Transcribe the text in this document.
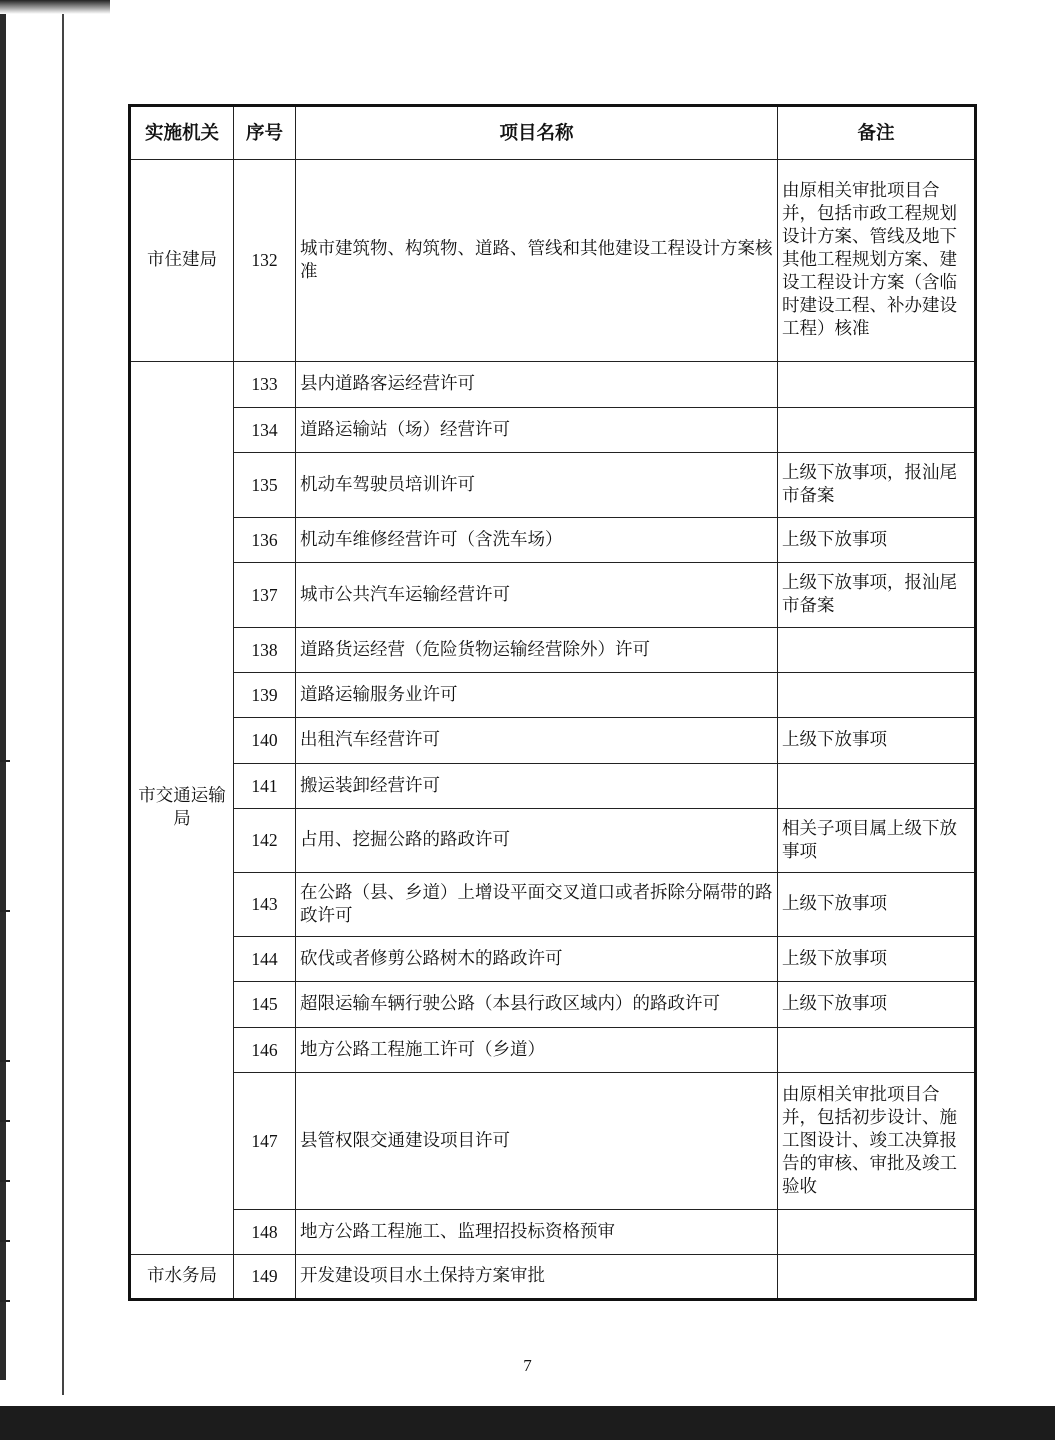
实施机关	序号	项目名称	备注
市住建局	132	城市建筑物、构筑物、道路、管线和其他建设工程设计方案核准	由原相关审批项目合并，包括市政工程规划设计方案、管线及地下其他工程规划方案、建设工程设计方案（含临时建设工程、补办建设工程）核准
市交通运输局	133	县内道路客运经营许可	
	134	道路运输站（场）经营许可	
	135	机动车驾驶员培训许可	上级下放事项，报汕尾市备案
	136	机动车维修经营许可（含洗车场）	上级下放事项
	137	城市公共汽车运输经营许可	上级下放事项，报汕尾市备案
	138	道路货运经营（危险货物运输经营除外）许可	
	139	道路运输服务业许可	
	140	出租汽车经营许可	上级下放事项
	141	搬运装卸经营许可	
	142	占用、挖掘公路的路政许可	相关子项目属上级下放事项
	143	在公路（县、乡道）上增设平面交叉道口或者拆除分隔带的路政许可	上级下放事项
	144	砍伐或者修剪公路树木的路政许可	上级下放事项
	145	超限运输车辆行驶公路（本县行政区域内）的路政许可	上级下放事项
	146	地方公路工程施工许可（乡道）	
	147	县管权限交通建设项目许可	由原相关审批项目合并，包括初步设计、施工图设计、竣工决算报告的审核、审批及竣工验收
	148	地方公路工程施工、监理招投标资格预审	
市水务局	149	开发建设项目水土保持方案审批	
7
